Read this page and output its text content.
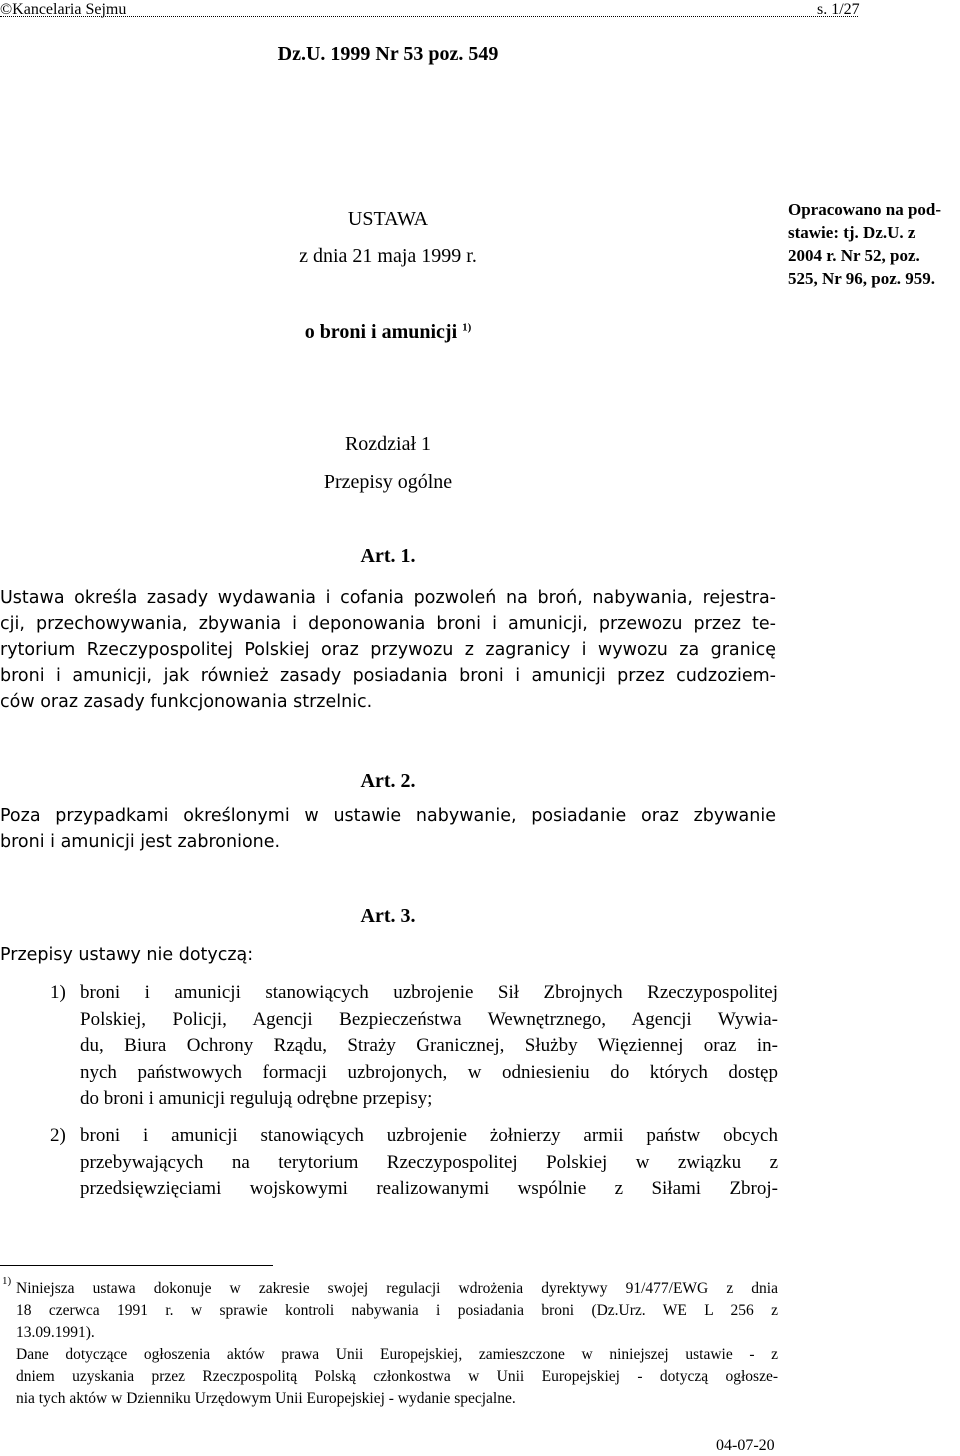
©Kancelaria Sejmu	s. 1/27
Dz.U. 1999 Nr 53 poz. 549
USTAWA
z dnia 21 maja 1999 r.
Opracowano na pod-
stawie: tj. Dz.U. z
2004 r. Nr 52, poz.
525, Nr 96, poz. 959.
o broni i amunicji $^{1)}$
Rozdział 1
Przepisy ogólne
Art. 1.
Ustawa określa zasady wydawania i cofania pozwoleń na broń, nabywania, rejestra-
cji, przechowywania, zbywania i deponowania broni i amunicji, przewozu przez te-
rytorium Rzeczypospolitej Polskiej oraz przywozu z zagranicy i wywozu za granicę
broni i amunicji, jak również zasady posiadania broni i amunicji przez cudzoziem-
ców oraz zasady funkcjonowania strzelnic.
Art. 2.
Poza przypadkami określonymi w ustawie nabywanie, posiadanie oraz zbywanie
broni i amunicji jest zabronione.
Art. 3.
Przepisy ustawy nie dotyczą:
1) broni i amunicji stanowiących uzbrojenie Sił Zbrojnych Rzeczypospolitej
Polskiej, Policji, Agencji Bezpieczeństwa Wewnętrznego, Agencji Wywia-
du, Biura Ochrony Rządu, Straży Granicznej, Służby Więziennej oraz in-
nych państwowych formacji uzbrojonych, w odniesieniu do których dostęp
do broni i amunicji regulują odrębne przepisy;
2) broni i amunicji stanowiących uzbrojenie żołnierzy armii państw obcych
przebywających na terytorium Rzeczypospolitej Polskiej w związku z
przedsięwzięciami wojskowymi realizowanymi wspólnie z Siłami Zbroj-
1) Niniejsza ustawa dokonuje w zakresie swojej regulacji wdrożenia dyrektywy 91/477/EWG z dnia
18 czerwca 1991 r. w sprawie kontroli nabywania i posiadania broni (Dz.Urz. WE L 256 z
13.09.1991).
Dane dotyczące ogłoszenia aktów prawa Unii Europejskiej, zamieszczone w niniejszej ustawie - z
dniem uzyskania przez Rzeczpospolitą Polską członkostwa w Unii Europejskiej - dotyczą ogłosze-
nia tych aktów w Dzienniku Urzędowym Unii Europejskiej - wydanie specjalne.
04-07-20
